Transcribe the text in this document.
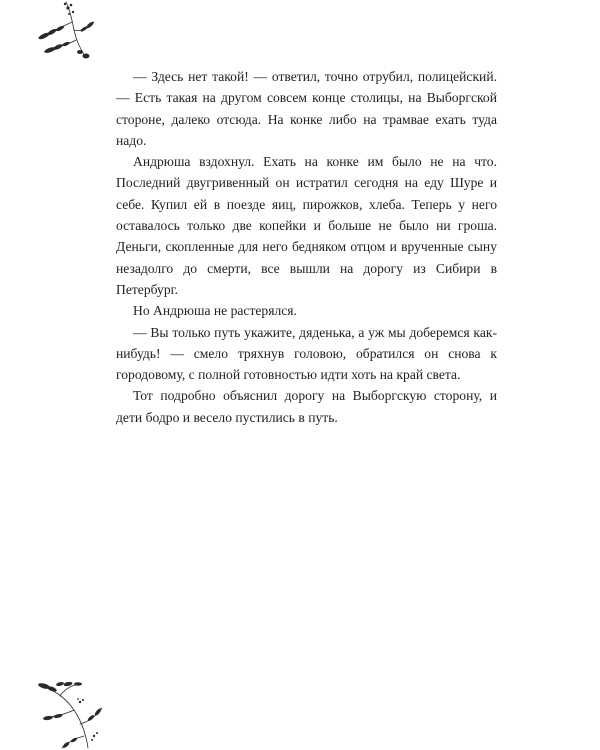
— Здесь нет такой! — ответил, точно отрубил, полицейский. — Есть такая на другом совсем конце столицы, на Выборгской стороне, далеко отсюда. На конке либо на трамвае ехать туда надо.

Андрюша вздохнул. Ехать на конке им было не на что. Последний двугривенный он истратил сегодня на еду Шуре и себе. Купил ей в поезде яиц, пирожков, хлеба. Теперь у него оставалось только две копейки и больше не было ни гроша. Деньги, скопленные для него бедняком отцом и врученные сыну незадолго до смерти, все вышли на дорогу из Сибири в Петербург.

Но Андрюша не растерялся.

— Вы только путь укажите, дяденька, а уж мы доберемся как-нибудь! — смело тряхнув головою, обратился он снова к городовому, с полной готовностью идти хоть на край света.

Тот подробно объяснил дорогу на Выборгскую сторону, и дети бодро и весело пустились в путь.
